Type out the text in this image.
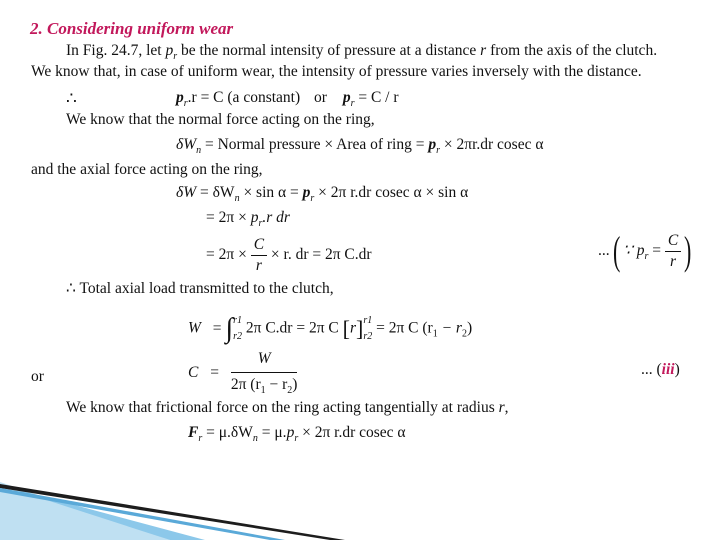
2. Considering uniform wear
In Fig. 24.7, let $p_r$ be the normal intensity of pressure at a distance r from the axis of the clutch.
We know that, in case of uniform wear, the intensity of pressure varies inversely with the distance.
∴	$p_r.r = C$ (a constant) or $p_r = C / r$
We know that the normal force acting on the ring,
$\delta W_n$ = Normal pressure × Area of ring = $p_r \times 2\pi r.dr$ cosec α
and the axial force acting on the ring,
$\delta W = \delta W_n \times \sin \alpha = p_r \times 2\pi$ r.dr cosec α × sin α
= $2\pi \times p_r.r$ dr
= $2\pi \times \frac{C}{r} \times r$. dr = 2π C.dr	...( ∵ $p_r = \frac{C}{r}$ )
∴ Total axial load transmitted to the clutch,
W = ∫ r1
r2 2π C.dr = 2π C [r] r1
r2 = 2π C $(r_1 - r_2)$
or	$C = \frac{W}{2\pi (r_1 - r_2)}$	... (iii)
We know that frictional force on the ring acting tangentially at radius r,
$F_r = \mu.\delta W_n = \mu.p_r \times 2\pi$ r.dr cosec α
